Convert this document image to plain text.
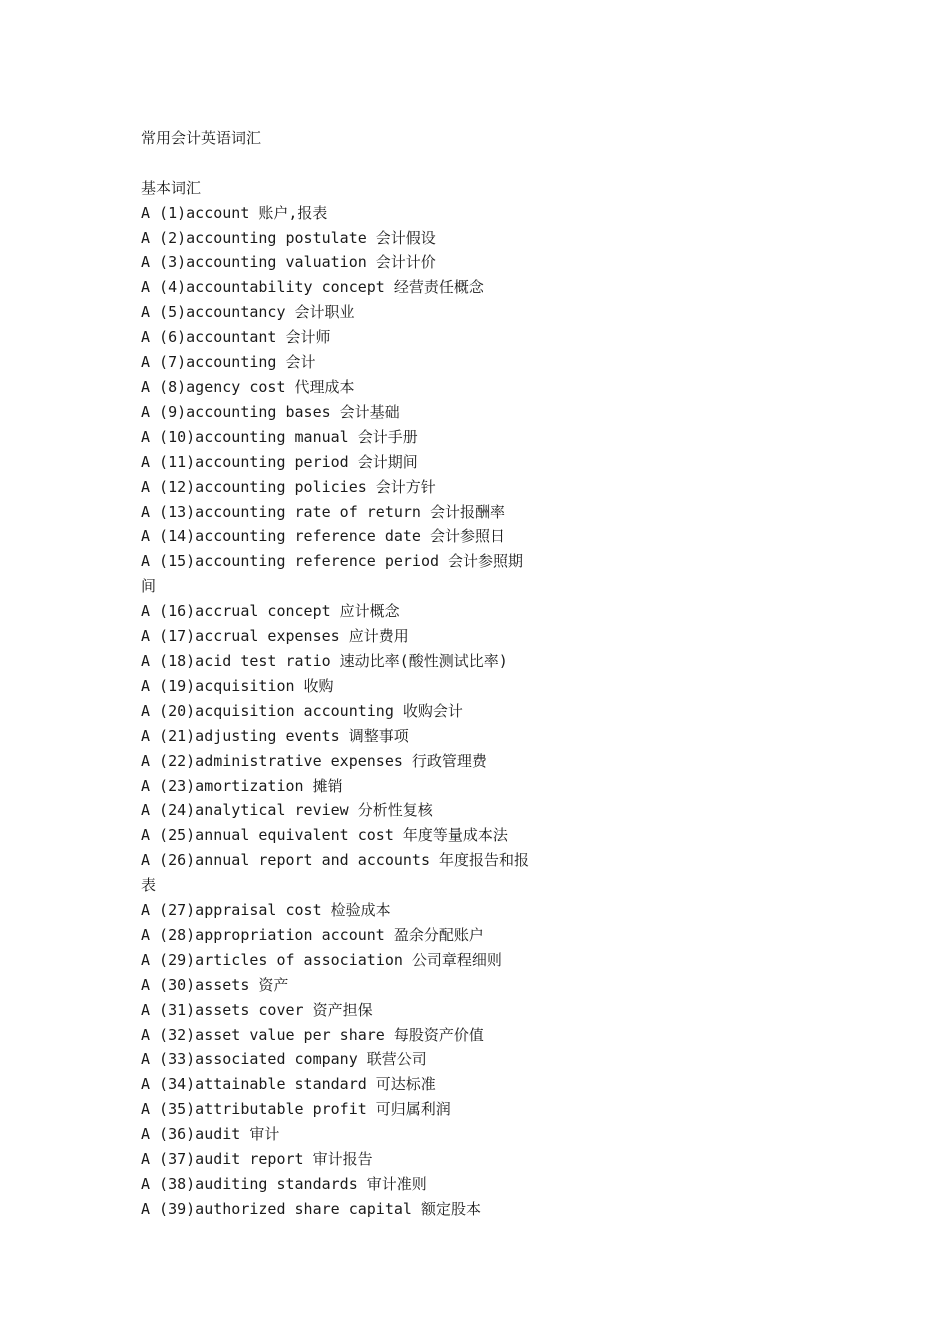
常用会计英语词汇
基本词汇
A (1)account 账户,报表
A (2)accounting postulate 会计假设
A (3)accounting valuation 会计计价
A (4)accountability concept 经营责任概念
A (5)accountancy 会计职业
A (6)accountant 会计师
A (7)accounting 会计
A (8)agency cost 代理成本
A (9)accounting bases 会计基础
A (10)accounting manual 会计手册
A (11)accounting period 会计期间
A (12)accounting policies 会计方针
A (13)accounting rate of return 会计报酬率
A (14)accounting reference date 会计参照日
A (15)accounting reference period 会计参照期
间
A (16)accrual concept 应计概念
A (17)accrual expenses 应计费用
A (18)acid test ratio 速动比率(酸性测试比率)
A (19)acquisition 收购
A (20)acquisition accounting 收购会计
A (21)adjusting events 调整事项
A (22)administrative expenses 行政管理费
A (23)amortization 摊销
A (24)analytical review 分析性复核
A (25)annual equivalent cost 年度等量成本法
A (26)annual report and accounts 年度报告和报
表
A (27)appraisal cost 检验成本
A (28)appropriation account 盈余分配账户
A (29)articles of association 公司章程细则
A (30)assets 资产
A (31)assets cover 资产担保
A (32)asset value per share 每股资产价值
A (33)associated company 联营公司
A (34)attainable standard 可达标准
A (35)attributable profit 可归属利润
A (36)audit 审计
A (37)audit report 审计报告
A (38)auditing standards 审计准则
A (39)authorized share capital 额定股本
